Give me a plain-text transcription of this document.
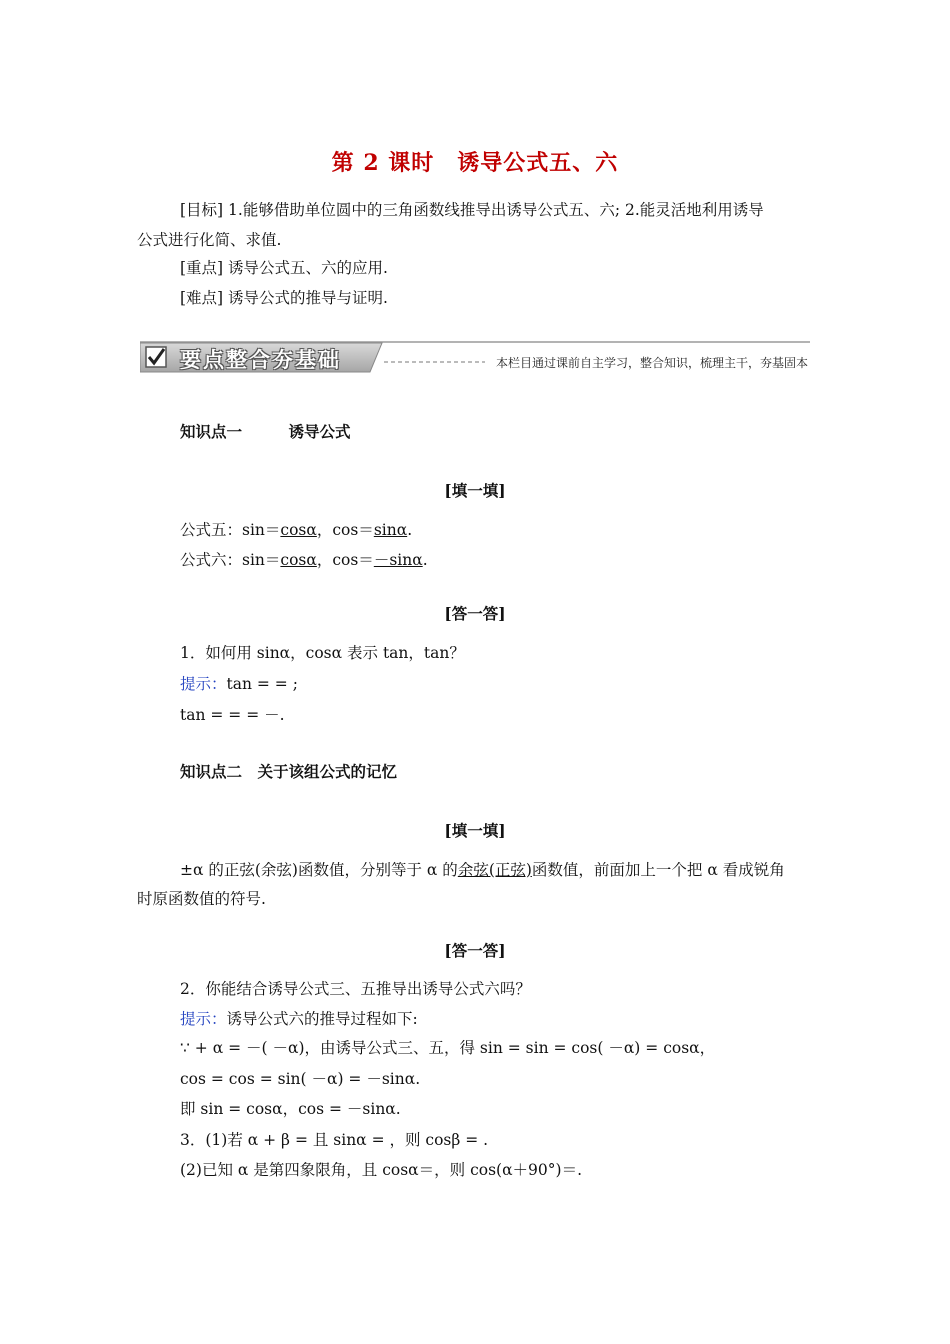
第 2 课时　诱导公式五、六
[目标] 1.能够借助单位圆中的三角函数线推导出诱导公式五、六; 2.能灵活地利用诱导
公式进行化简、求值.
[重点] 诱导公式五、六的应用.
[难点] 诱导公式的推导与证明.
要点整合夯基础	本栏目通过课前自主学习，整合知识，梳理主干，夯基固本
知识点一　　　诱导公式
[填一填]
公式五：sin＝cosα，cos＝sinα.
公式六：sin＝cosα，cos＝－sinα.
[答一答]
1．如何用 sinα，cosα 表示 tan，tan？
提示：tan = = ;
tan = = = －.
知识点二　关于该组公式的记忆
[填一填]
±α 的正弦(余弦)函数值，分别等于 α 的余弦(正弦)函数值，前面加上一个把 α 看成锐角
时原函数值的符号.
[答一答]
2．你能结合诱导公式三、五推导出诱导公式六吗？
提示：诱导公式六的推导过程如下:
∵ + α = －( －α)，由诱导公式三、五，得 sin = sin = cos( －α) = cosα，
cos = cos = sin( －α) = －sinα.
即 sin = cosα，cos = －sinα.
3．(1)若 α + β = 且 sinα = ，则 cosβ = .
(2)已知 α 是第四象限角，且 cosα＝，则 cos(α＋90°)＝.
